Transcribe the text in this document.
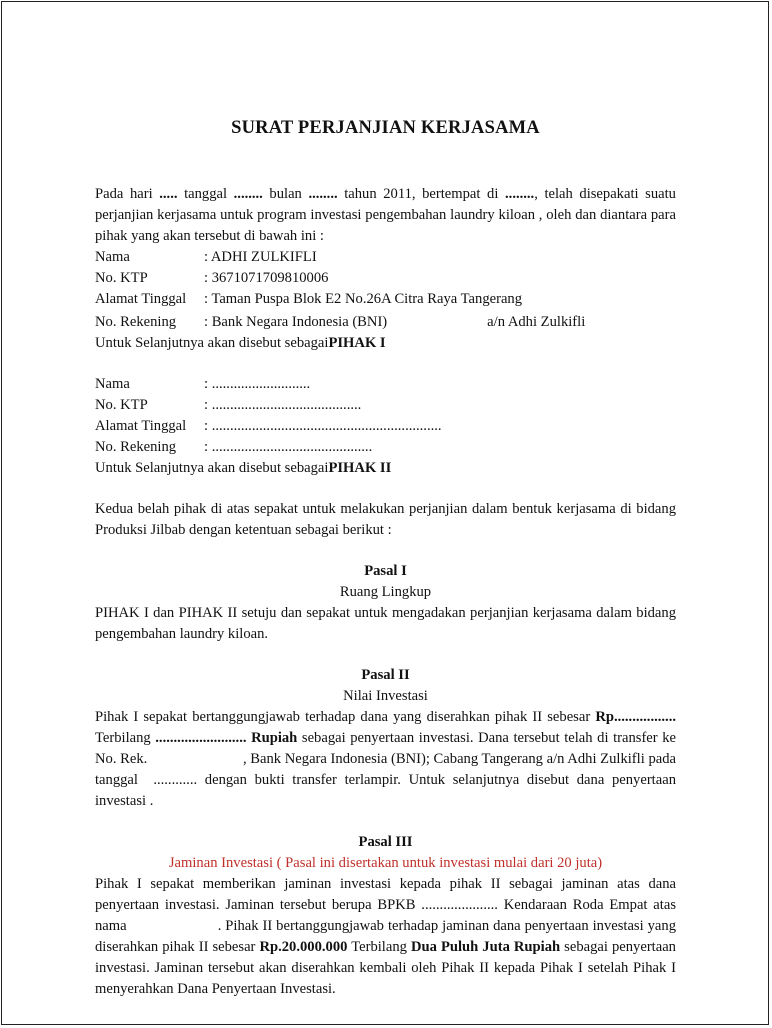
SURAT PERJANJIAN KERJASAMA

Pada hari ..... tanggal ........ bulan ........ tahun 2011, bertempat di ........, telah disepakati suatu perjanjian kerjasama untuk program investasi pengembahan laundry kiloan , oleh dan diantara para pihak yang akan tersebut di bawah ini :

Nama	: ADHI ZULKIFLI
No. KTP	: 3671071709810006
Alamat Tinggal	: Taman Puspa Blok E2 No.26A Citra Raya Tangerang
No. Rekening	: Bank Negara Indonesia (BNI)	a/n Adhi Zulkifli
Untuk Selanjutnya akan disebut sebagai PIHAK I
Nama	: ...........................
No. KTP	: .........................................
Alamat Tinggal	: ...............................................................
No. Rekening	: ............................................
Untuk Selanjutnya akan disebut sebagai PIHAK II

Kedua belah pihak di atas sepakat untuk melakukan perjanjian dalam bentuk kerjasama di bidang Produksi Jilbab dengan ketentuan sebagai berikut :

Pasal I
Ruang Lingkup

PIHAK I dan PIHAK II setuju dan sepakat untuk mengadakan perjanjian kerjasama dalam bidang pengembahan laundry kiloan.

Pasal II
Nilai Investasi

Pihak I sepakat bertanggungjawab terhadap dana yang diserahkan pihak II sebesar Rp................. Terbilang ......................... Rupiah sebagai penyertaan investasi. Dana tersebut telah di transfer ke No. Rek.                          , Bank Negara Indonesia (BNI); Cabang Tangerang a/n Adhi Zulkifli pada tanggal  ............ dengan bukti transfer terlampir. Untuk selanjutnya disebut dana penyertaan investasi .

Pasal III
Jaminan Investasi ( Pasal ini disertakan untuk investasi mulai dari 20 juta)

Pihak I sepakat memberikan jaminan investasi kepada pihak II sebagai jaminan atas dana penyertaan investasi. Jaminan tersebut berupa BPKB ..................... Kendaraan Roda Empat atas nama                       . Pihak II bertanggungjawab terhadap jaminan dana penyertaan investasi yang diserahkan pihak II sebesar Rp.20.000.000 Terbilang Dua Puluh Juta Rupiah sebagai penyertaan investasi. Jaminan tersebut akan diserahkan kembali oleh Pihak II kepada Pihak I setelah Pihak I menyerahkan Dana Penyertaan Investasi.
